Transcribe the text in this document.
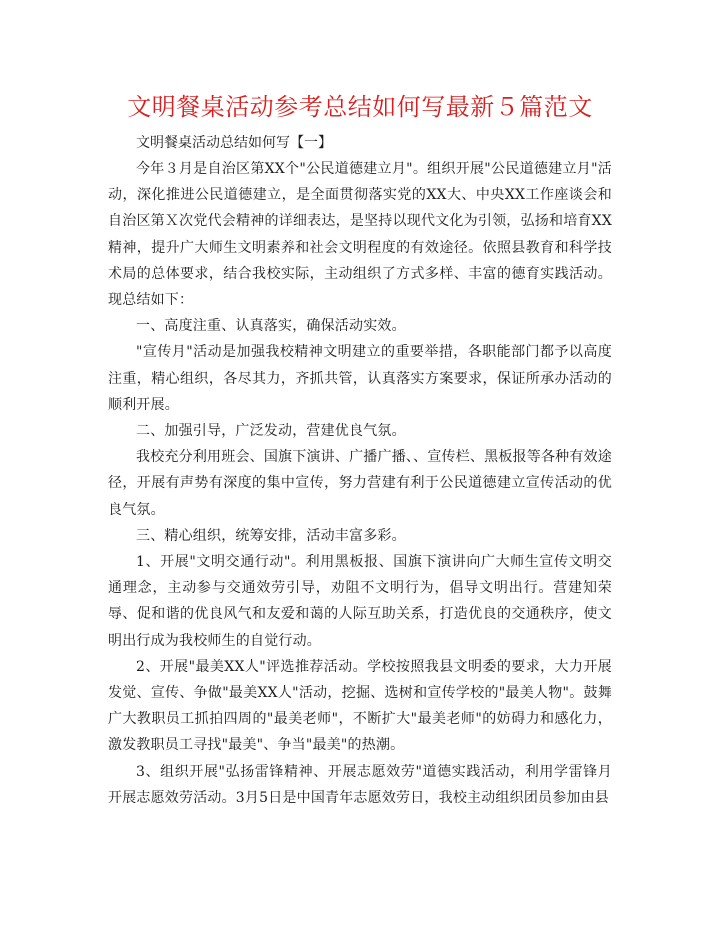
文明餐桌活动参考总结如何写最新５篇范文

文明餐桌活动总结如何写【一】

今年３月是自治区第XX个"公民道德建立月"。组织开展"公民道德建立月"活动，深化推进公民道德建立，是全面贯彻落实党的XX大、中央XX工作座谈会和自治区第Ｘ次党代会精神的详细表达，是坚持以现代文化为引领，弘扬和培育XX精神，提升广大师生文明素养和社会文明程度的有效途径。依照县教育和科学技术局的总体要求，结合我校实际，主动组织了方式多样、丰富的德育实践活动。现总结如下：

一、高度注重、认真落实，确保活动实效。

"宣传月"活动是加强我校精神文明建立的重要举措，各职能部门都予以高度注重，精心组织，各尽其力，齐抓共管，认真落实方案要求，保证所承办活动的顺利开展。

二、加强引导，广泛发动，营建优良气氛。

我校充分利用班会、国旗下演讲、广播广播、、宣传栏、黑板报等各种有效途径，开展有声势有深度的集中宣传，努力营建有利于公民道德建立宣传活动的优良气氛。

三、精心组织，统筹安排，活动丰富多彩。

1、开展"文明交通行动"。利用黑板报、国旗下演讲向广大师生宣传文明交通理念，主动参与交通效劳引导，劝阻不文明行为，倡导文明出行。营建知荣辱、促和谐的优良风气和友爱和蔼的人际互助关系，打造优良的交通秩序，使文明出行成为我校师生的自觉行动。

2、开展"最美XX人"评选推荐活动。学校按照我县文明委的要求，大力开展发觉、宣传、争做"最美XX人"活动，挖掘、选树和宣传学校的"最美人物"。鼓舞广大教职员工抓拍四周的"最美老师"，不断扩大"最美老师"的妨碍力和感化力，激发教职员工寻找"最美"、争当"最美"的热潮。

3、组织开展"弘扬雷锋精神、开展志愿效劳"道德实践活动，利用学雷锋月开展志愿效劳活动。3月5日是中国青年志愿效劳日，我校主动组织团员参加由县
